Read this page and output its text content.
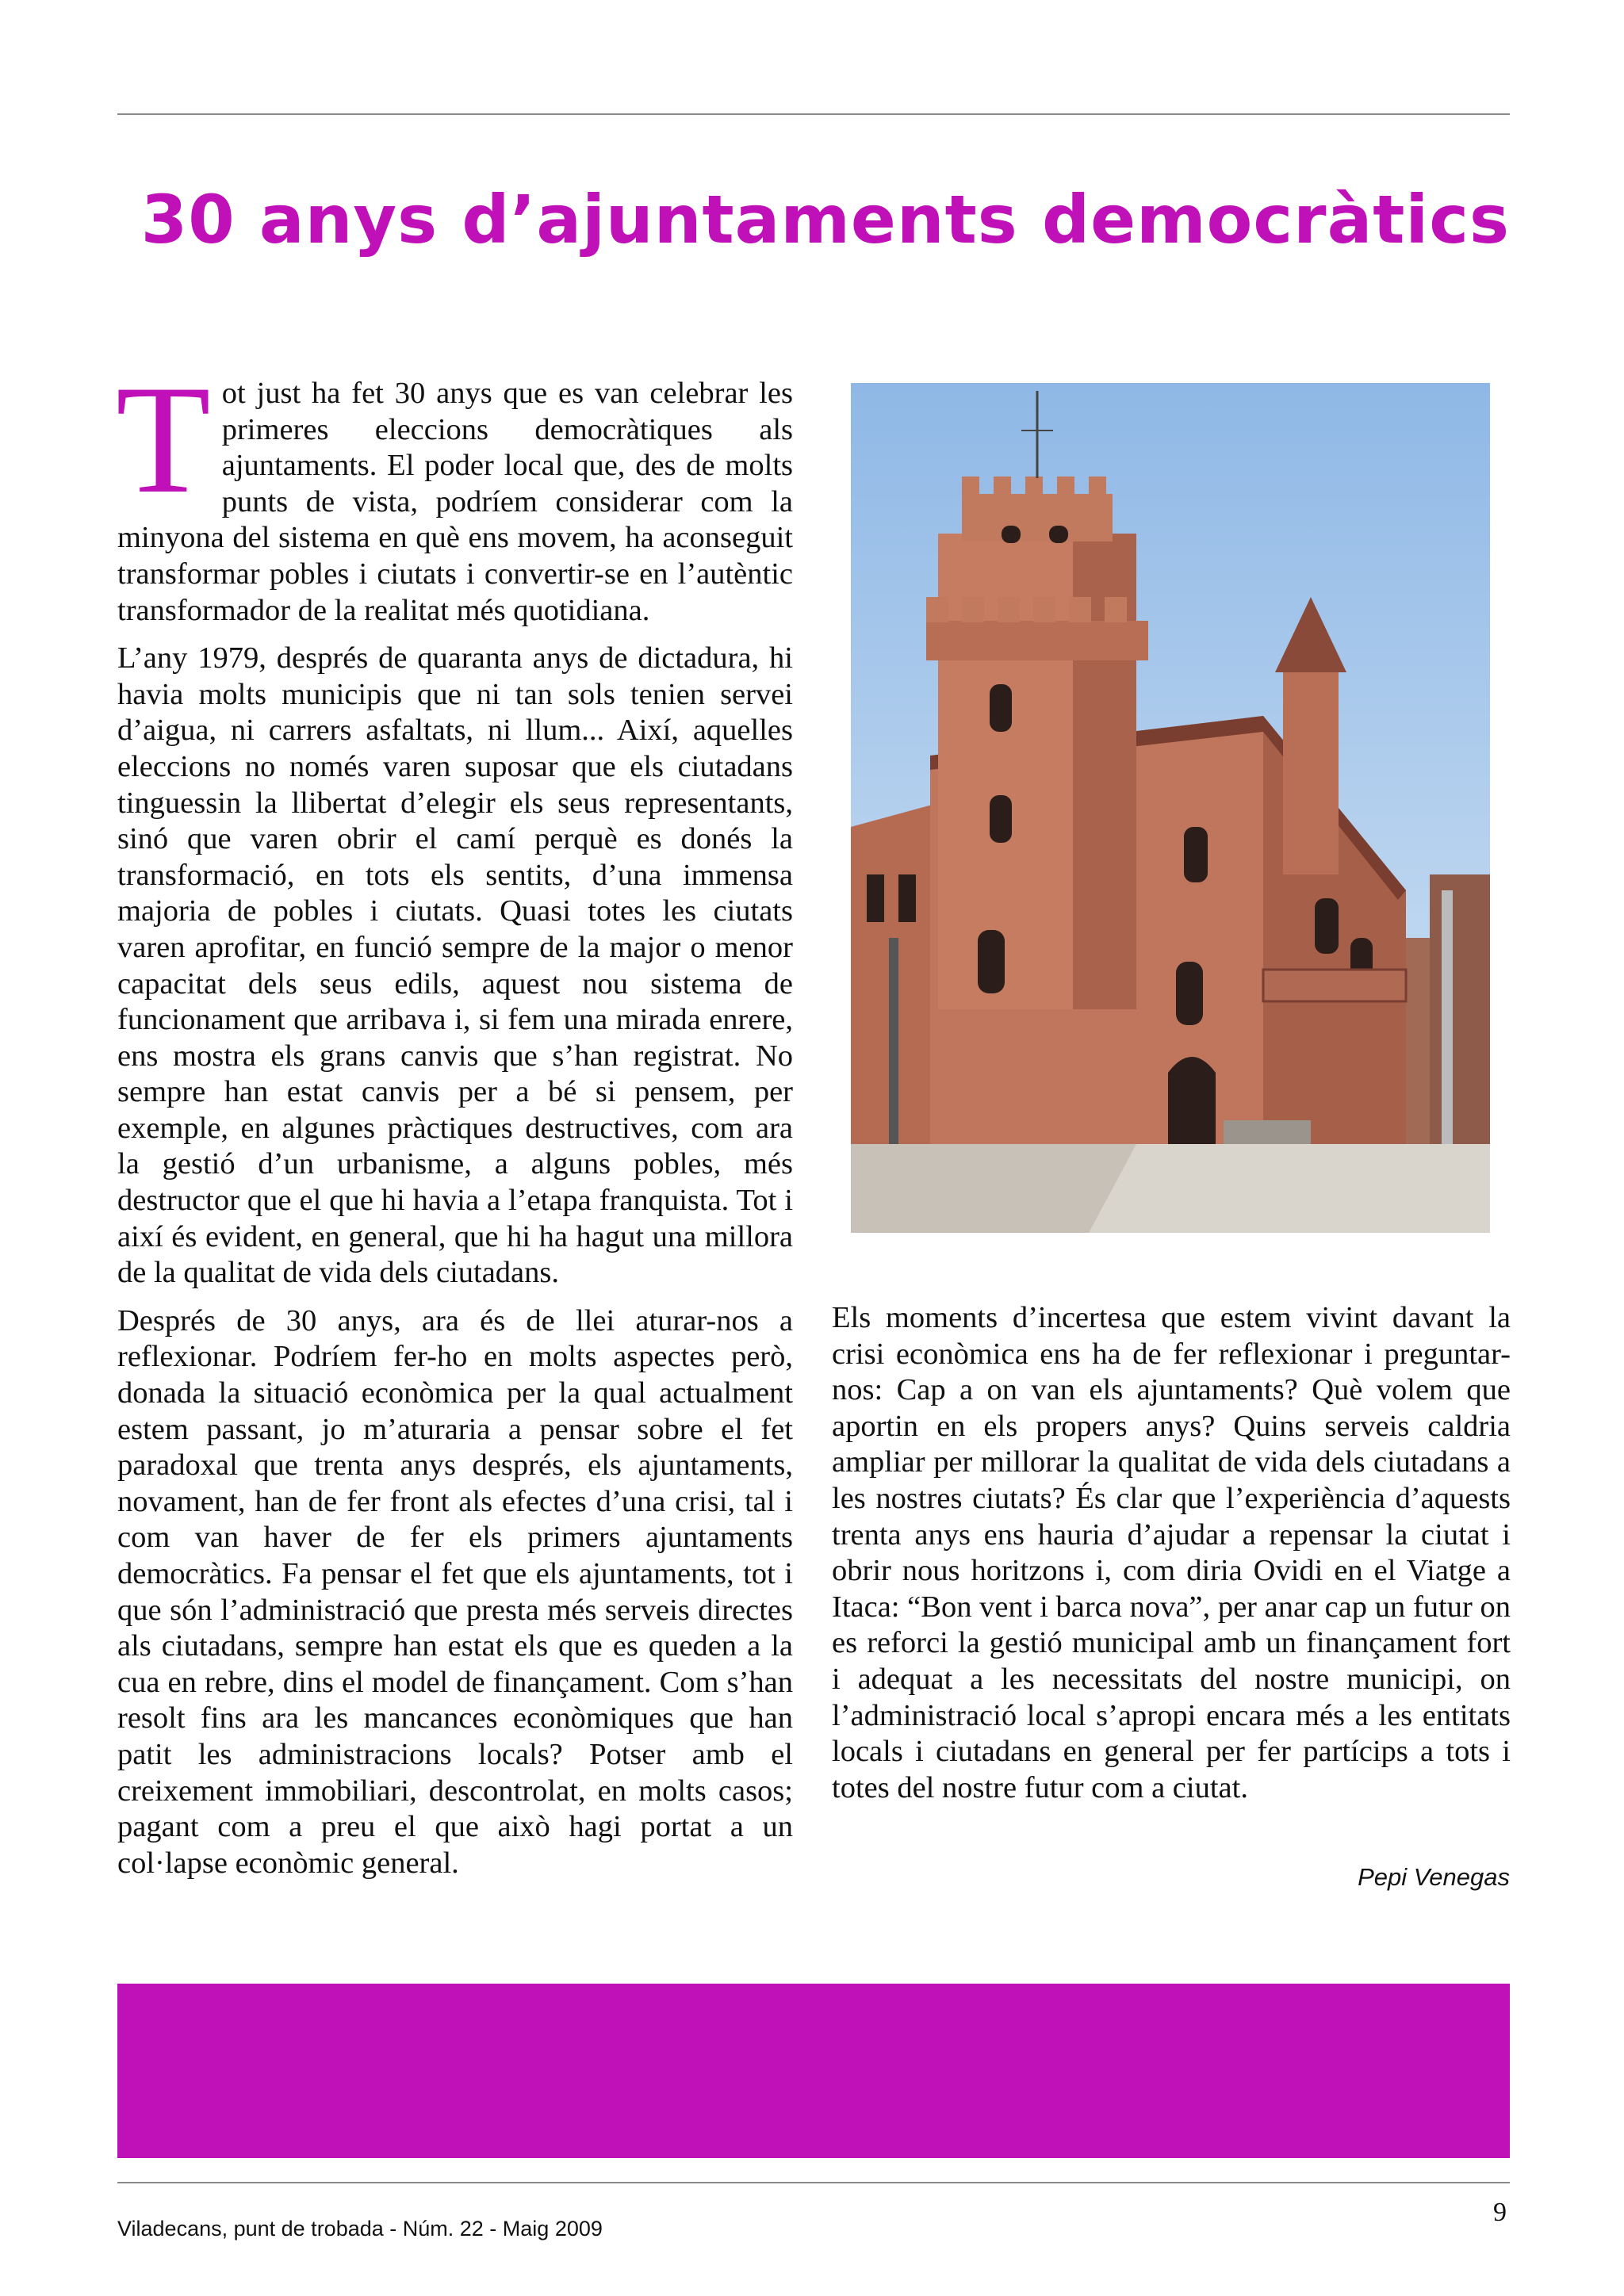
30 anys d’ajuntaments democràtics

Tot just ha fet 30 anys que es van celebrar les primeres eleccions democràtiques als ajuntaments. El poder local que, des de molts punts de vista, podríem considerar com la minyona del sistema en què ens movem, ha aconseguit transformar pobles i ciutats i convertir-se en l’autèntic transformador de la realitat més quotidiana.

L’any 1979, després de quaranta anys de dictadura, hi havia molts municipis que ni tan sols tenien servei d’aigua, ni carrers asfaltats, ni llum... Així, aquelles eleccions no només varen suposar que els ciutadans tinguessin la llibertat d’elegir els seus representants, sinó que varen obrir el camí perquè es donés la transformació, en tots els sentits, d’una immensa majoria de pobles i ciutats. Quasi totes les ciutats varen aprofitar, en funció sempre de la major o menor capacitat dels seus edils, aquest nou sistema de funcionament que arribava i, si fem una mirada enrere, ens mostra els grans canvis que s’han registrat. No sempre han estat canvis per a bé si pensem, per exemple, en algunes pràctiques destructives, com ara la gestió d’un urbanisme, a alguns pobles, més destructor que el que hi havia a l’etapa franquista. Tot i així és evident, en general, que hi ha hagut una millora de la qualitat de vida dels ciutadans.

Després de 30 anys, ara és de llei aturar-nos a reflexionar. Podríem fer-ho en molts aspectes però, donada la situació econòmica per la qual actualment estem passant, jo m’aturaria a pensar sobre el fet paradoxal que trenta anys després, els ajuntaments, novament, han de fer front als efectes d’una crisi, tal i com van haver de fer els primers ajuntaments democràtics. Fa pensar el fet que els ajuntaments, tot i que són l’administració que presta més serveis directes als ciutadans, sempre han estat els que es queden a la cua en rebre, dins el model de finançament. Com s’han resolt fins ara les mancances econòmiques que han patit les administracions locals? Potser amb el creixement immobiliari, descontrolat, en molts casos; pagant com a preu el que això hagi portat a un col·lapse econòmic general.

Els moments d’incertesa que estem vivint davant la crisi econòmica ens ha de fer reflexionar i preguntar-nos: Cap a on van els ajuntaments? Què volem que aportin en els propers anys? Quins serveis caldria ampliar per millorar la qualitat de vida dels ciutadans a les nostres ciutats? És clar que l’experiència d’aquests trenta anys ens hauria d’ajudar a repensar la ciutat i obrir nous horitzons i, com diria Ovidi en el Viatge a Itaca: “Bon vent i barca nova”, per anar cap un futur on es reforci la gestió municipal amb un finançament fort i adequat a les necessitats del nostre municipi, on l’administració local s’apropi encara més a les entitats locals i ciutadans en general per fer partícips a tots i totes del nostre futur com a ciutat.

Pepi Venegas
Viladecans, punt de trobada - Núm. 22 - Maig 2009
9
